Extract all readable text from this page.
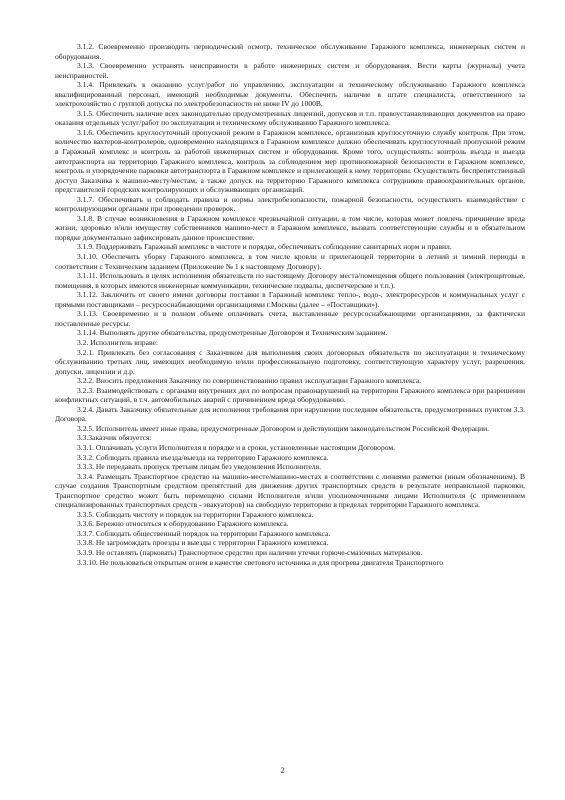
3.1.2. Своевременно производить периодический осмотр, техническое обслуживание Гаражного комплекса, инженерных систем и оборудования.

3.1.3. Своевременно устранять неисправности в работе инженерных систем и оборудования. Вести карты (журналы) учета неисправностей.

3.1.4. Привлекать к оказанию услуг/работ по управлению, эксплуатации и техническому обслуживанию Гаражного комплекса квалифицированный персонал, имеющий необходимые документы. Обеспечить наличие в штате специалиста, ответственного за электрохозяйство с группой допуска по электробезопасности не ниже IV до 1000В.

3.1.5. Обеспечить наличие всех законодательно предусмотренных лицензий, допусков и т.п. правоустанавливающих документов на право оказания отдельных услуг/работ по эксплуатации и техническому обслуживанию Гаражного комплекса.

3.1.6. Обеспечить круглосуточный пропускной режим в Гаражном комплексе, организовав круглосуточную службу контроля. При этом, количество вахтеров-контролеров, одновременно находящихся в Гаражном комплексе должно обеспечивать круглосуточный пропускной режим в Гаражный комплекс и контроль за работой инженерных систем и оборудования. Кроме того, осуществлять: контроль въезда и выезда автотранспорта на территорию Гаражного комплекса, контроль за соблюдением мер противопожарной безопасности в Гаражном комплексе, контроль и упорядочение парковки автотранспорта в Гаражном комплексе и прилегающей к нему территории. Осуществлять беспрепятственный доступ Заказчика к машино-месту/местам, а также допуск на территорию Гаражного комплекса сотрудников правоохранительных органов, представителей городских контролирующих и обслуживающих организаций.

3.1.7. Обеспечивать и соблюдать правила и нормы электробезопасности, пожарной безопасности, осуществлять взаимодействие с контролирующими органами при проведении проверок.

3.1.8. В случае возникновения в Гаражном комплексе чрезвычайной ситуации, в том числе, которая может повлечь причинение вреда жизни, здоровью и/или имуществу собственников машино-мест в Гаражном комплексе, вызвать соответствующие службы и в обязательном порядке документально зафиксировать данное происшествие.

3.1.9. Поддерживать Гаражный комплекс в чистоте и порядке, обеспечивать соблюдение санитарных норм и правил.

3.1.10. Обеспечить уборку Гаражного комплекса, в том числе кровли и прилегающей территории в летний и зимний периоды в соответствии с Техническим заданием (Приложение № 1 к настоящему Договору).

3.1.11. Использовать в целях исполнения обязательств по настоящему Договору места/помещения общего пользования (электрощитовые, помещения, в которых имеются инженерные коммуникации, технические подвалы, диспетчерские и т.п.).

3.1.12. Заключить от своего имени договоры поставки в Гаражный комплекс тепло-, водо-, электроресурсов и коммунальных услуг с прямыми поставщиками – ресурсоснабжающими организациями г.Москвы (далее – «Поставщики»).

3.1.13. Своевременно и в полном объеме оплачивать счета, выставленные ресурсоснабжающими организациями, за фактически поставленные ресурсы.

3.1.14. Выполнять другие обязательства, предусмотренные Договором и Техническим заданием.

3.2. Исполнитель вправе:

3.2.1. Привлекать без согласования с Заказчиком для выполнения своих договорных обязательств по эксплуатации и техническому обслуживанию третьих лиц, имеющих необходимую и/или профессиональную подготовку, соответствующую характеру услуг, разрешения, допуски, лицензии и д.р.

3.2.2. Вносить предложения Заказчику по совершенствованию правил эксплуатации Гаражного комплекса.

3.2.3. Взаимодействовать с органами внутренних дел по вопросам правонарушений на территории Гаражного комплекса при разрешении конфликтных ситуаций, в т.ч. автомобильных аварий с причинением вреда оборудованию.

3.2.4. Давать Заказчику обязательные для исполнения требования при нарушении последним обязательств, предусмотренных пунктом 3.3. Договора.

3.2.5. Исполнитель имеет иные права, предусмотренные Договором и действующим законодательством Российской Федерации.

3.3.Заказчик обязуется:

3.3.1. Оплачивать услуги Исполнителя в порядке и в сроки, установленные настоящим Договором.

3.3.2. Соблюдать правила въезда/выезда на территорию Гаражного комплекса.

3.3.3. Не передавать пропуск третьим лицам без уведомления Исполнителя.

3.3.4. Размещать Транспортное средство на машино-месте/машино-местах в соответствии с линиями разметки (иным обозначением). В случае создания Транспортным средством препятствий для движения других транспортных средств в результате неправильной парковки, Транспортное средство может быть перемещено силами Исполнителя и/или уполномоченными лицами Исполнителя (с применением специализированных транспортных средств - эвакуаторов) на свободную территорию в пределах территории Гаражного комплекса.

3.3.5. Соблюдать чистоту и порядок на территории Гаражного комплекса.

3.3.6. Бережно относиться к оборудованию Гаражного комплекса.

3.3.7. Соблюдать общественный порядок на территории Гаражного комплекса.

3.3.8. Не загромождать проезды и выезды с территории Гаражного комплекса.

3.3.9. Не оставлять (парковать) Транспортное средство при наличии утечки горюче-смазочных материалов.

3.3.10. Не пользоваться открытым огнем в качестве светового источника и для прогрева двигателя Транспортного

2
